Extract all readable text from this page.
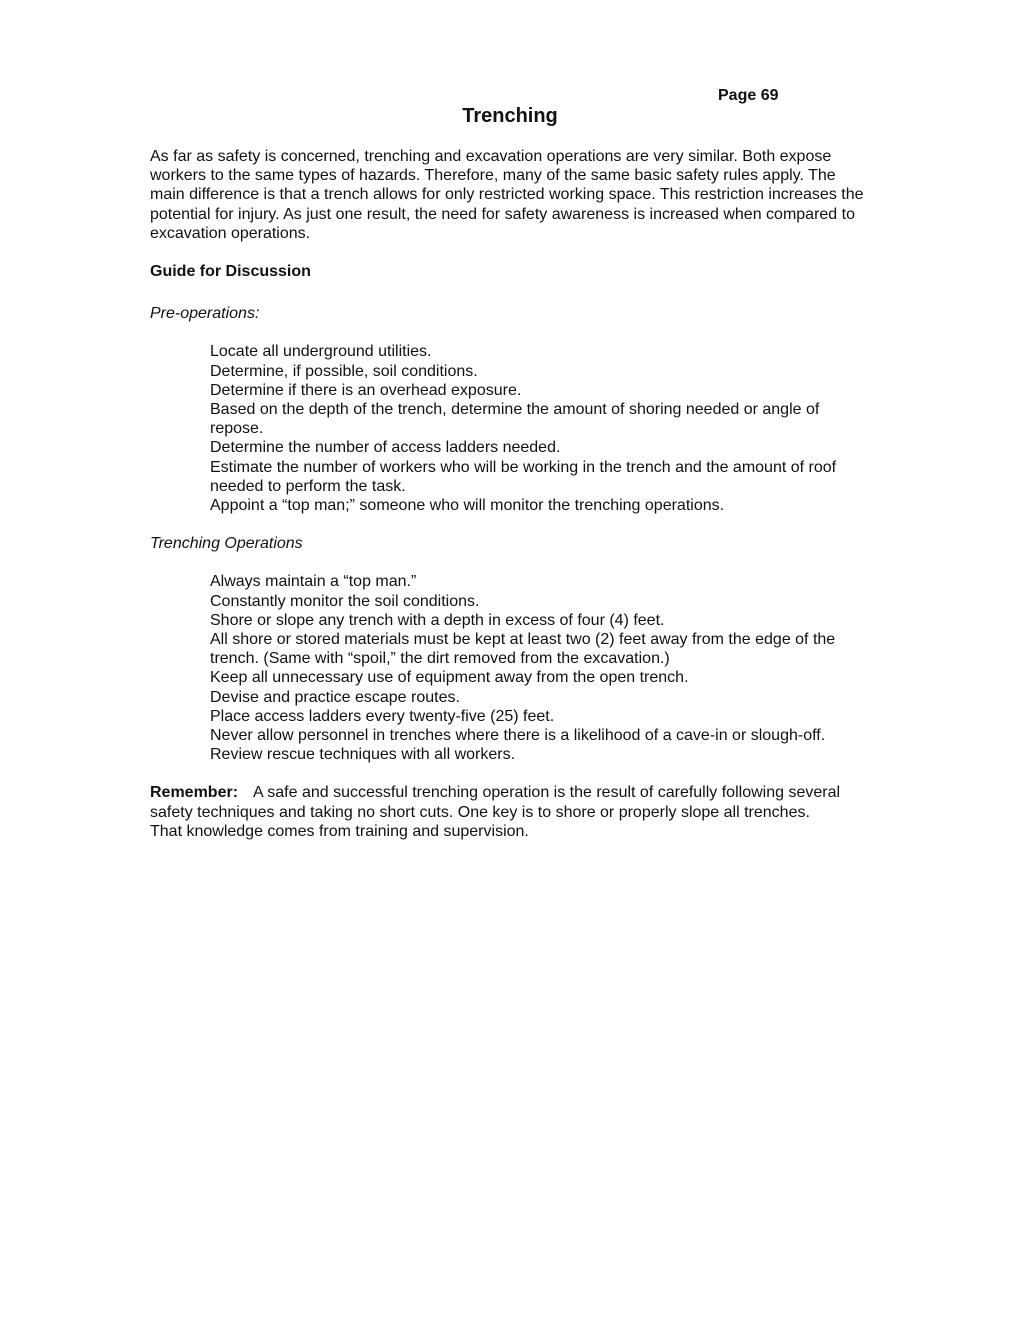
Page 69
Trenching

As far as safety is concerned, trenching and excavation operations are very similar. Both expose workers to the same types of hazards. Therefore, many of the same basic safety rules apply. The main difference is that a trench allows for only restricted working space. This restriction increases the potential for injury. As just one result, the need for safety awareness is increased when compared to excavation operations.

Guide for Discussion

Pre-operations:

Locate all underground utilities.
Determine, if possible, soil conditions.
Determine if there is an overhead exposure.
Based on the depth of the trench, determine the amount of shoring needed or angle of repose.
Determine the number of access ladders needed.
Estimate the number of workers who will be working in the trench and the amount of roof needed to perform the task.
Appoint a “top man;” someone who will monitor the trenching operations.

Trenching Operations

Always maintain a “top man.”
Constantly monitor the soil conditions.
Shore or slope any trench with a depth in excess of four (4) feet.
All shore or stored materials must be kept at least two (2) feet away from the edge of the trench. (Same with “spoil,” the dirt removed from the excavation.)
Keep all unnecessary use of equipment away from the open trench.
Devise and practice escape routes.
Place access ladders every twenty-five (25) feet.
Never allow personnel in trenches where there is a likelihood of a cave-in or slough-off.
Review rescue techniques with all workers.

Remember: A safe and successful trenching operation is the result of carefully following several safety techniques and taking no short cuts. One key is to shore or properly slope all trenches. That knowledge comes from training and supervision.
